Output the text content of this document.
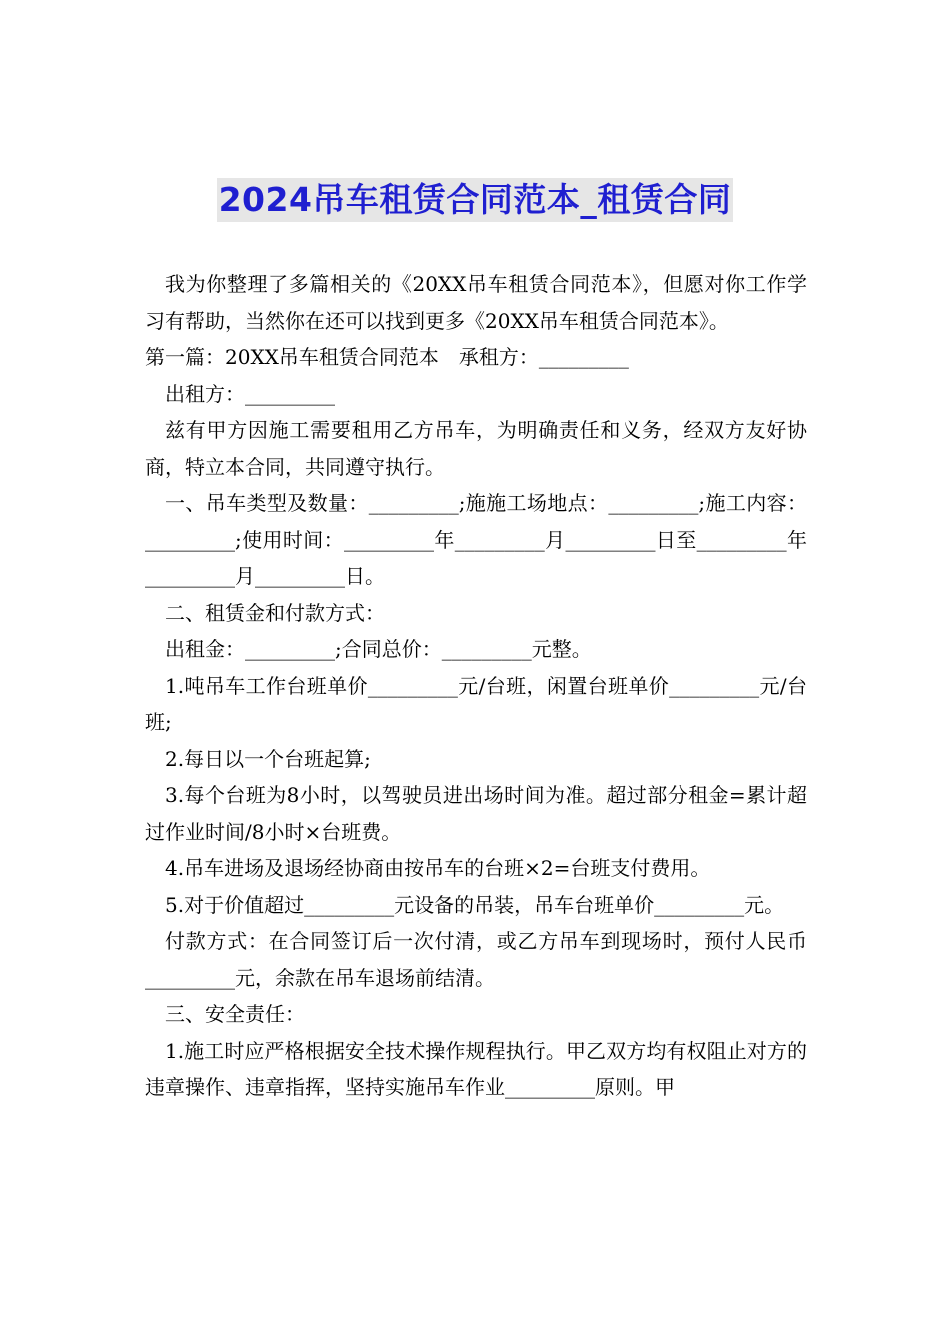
2024吊车租赁合同范本_租赁合同

我为你整理了多篇相关的《20XX吊车租赁合同范本》，但愿对你工作学习有帮助，当然你在还可以找到更多《20XX吊车租赁合同范本》。

第一篇：20XX吊车租赁合同范本　承租方：_________

出租方：_________

兹有甲方因施工需要租用乙方吊车，为明确责任和义务，经双方友好协商，特立本合同，共同遵守执行。

一、吊车类型及数量：_________;施施工场地点：_________;施工内容：_________;使用时间：_________年_________月_________日至_________年_________月_________日。

二、租赁金和付款方式：

出租金：_________;合同总价：_________元整。

1.吨吊车工作台班单价_________元/台班，闲置台班单价_________元/台班;

2.每日以一个台班起算;

3.每个台班为8小时，以驾驶员进出场时间为准。超过部分租金=累计超过作业时间/8小时×台班费。

4.吊车进场及退场经协商由按吊车的台班×2=台班支付费用。

5.对于价值超过_________元设备的吊装，吊车台班单价_________元。

付款方式：在合同签订后一次付清，或乙方吊车到现场时，预付人民币_________元，余款在吊车退场前结清。

三、安全责任：

1.施工时应严格根据安全技术操作规程执行。甲乙双方均有权阻止对方的违章操作、违章指挥，坚持实施吊车作业_________原则。甲
